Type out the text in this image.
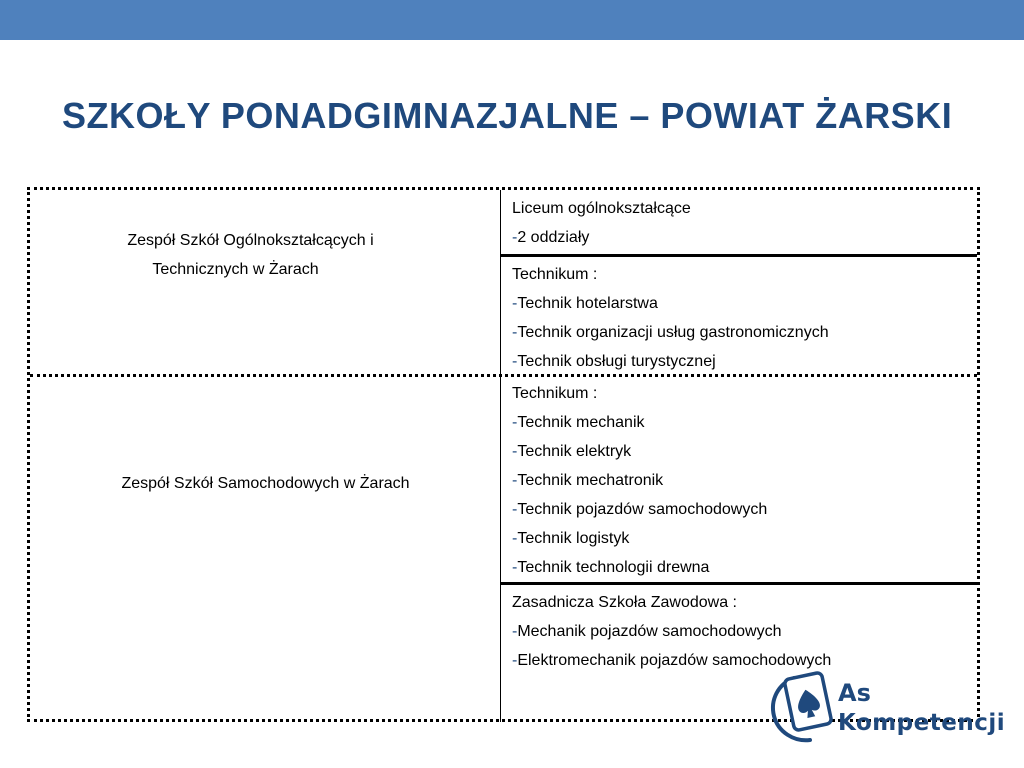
SZKOŁY PONADGIMNAZJALNE – POWIAT ŻARSKI
Zespół Szkół Ogólnokształcących i
Technicznych w Żarach
Liceum ogólnokształcące
-2 oddziały
Technikum :
-Technik hotelarstwa
-Technik organizacji usług gastronomicznych
-Technik obsługi turystycznej
Zespół Szkół Samochodowych w Żarach
Technikum :
-Technik mechanik
-Technik elektryk
-Technik mechatronik
-Technik pojazdów samochodowych
-Technik logistyk
-Technik technologii drewna
Zasadnicza Szkoła Zawodowa :
-Mechanik pojazdów samochodowych
-Elektromechanik pojazdów samochodowych
As
Kompetencji
